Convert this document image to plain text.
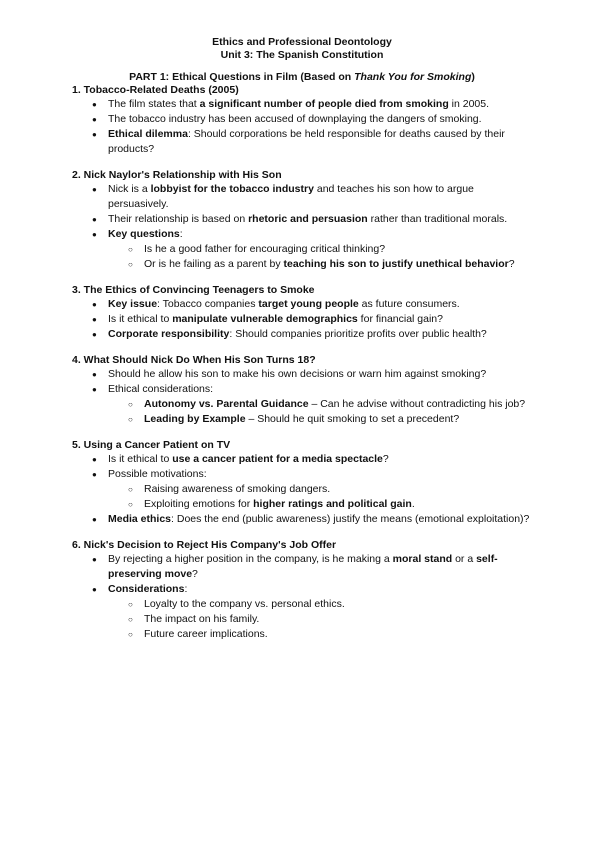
Ethics and Professional Deontology
Unit 3: The Spanish Constitution
PART 1: Ethical Questions in Film (Based on Thank You for Smoking)
1. Tobacco-Related Deaths (2005)
● The film states that a significant number of people died from smoking in 2005.
● The tobacco industry has been accused of downplaying the dangers of smoking.
● Ethical dilemma: Should corporations be held responsible for deaths caused by their products?
2. Nick Naylor's Relationship with His Son
● Nick is a lobbyist for the tobacco industry and teaches his son how to argue persuasively.
● Their relationship is based on rhetoric and persuasion rather than traditional morals.
● Key questions:
○ Is he a good father for encouraging critical thinking?
○ Or is he failing as a parent by teaching his son to justify unethical behavior?
3. The Ethics of Convincing Teenagers to Smoke
● Key issue: Tobacco companies target young people as future consumers.
● Is it ethical to manipulate vulnerable demographics for financial gain?
● Corporate responsibility: Should companies prioritize profits over public health?
4. What Should Nick Do When His Son Turns 18?
● Should he allow his son to make his own decisions or warn him against smoking?
● Ethical considerations:
○ Autonomy vs. Parental Guidance – Can he advise without contradicting his job?
○ Leading by Example – Should he quit smoking to set a precedent?
5. Using a Cancer Patient on TV
● Is it ethical to use a cancer patient for a media spectacle?
● Possible motivations:
○ Raising awareness of smoking dangers.
○ Exploiting emotions for higher ratings and political gain.
● Media ethics: Does the end (public awareness) justify the means (emotional exploitation)?
6. Nick's Decision to Reject His Company's Job Offer
● By rejecting a higher position in the company, is he making a moral stand or a self-preserving move?
● Considerations:
○ Loyalty to the company vs. personal ethics.
○ The impact on his family.
○ Future career implications.
